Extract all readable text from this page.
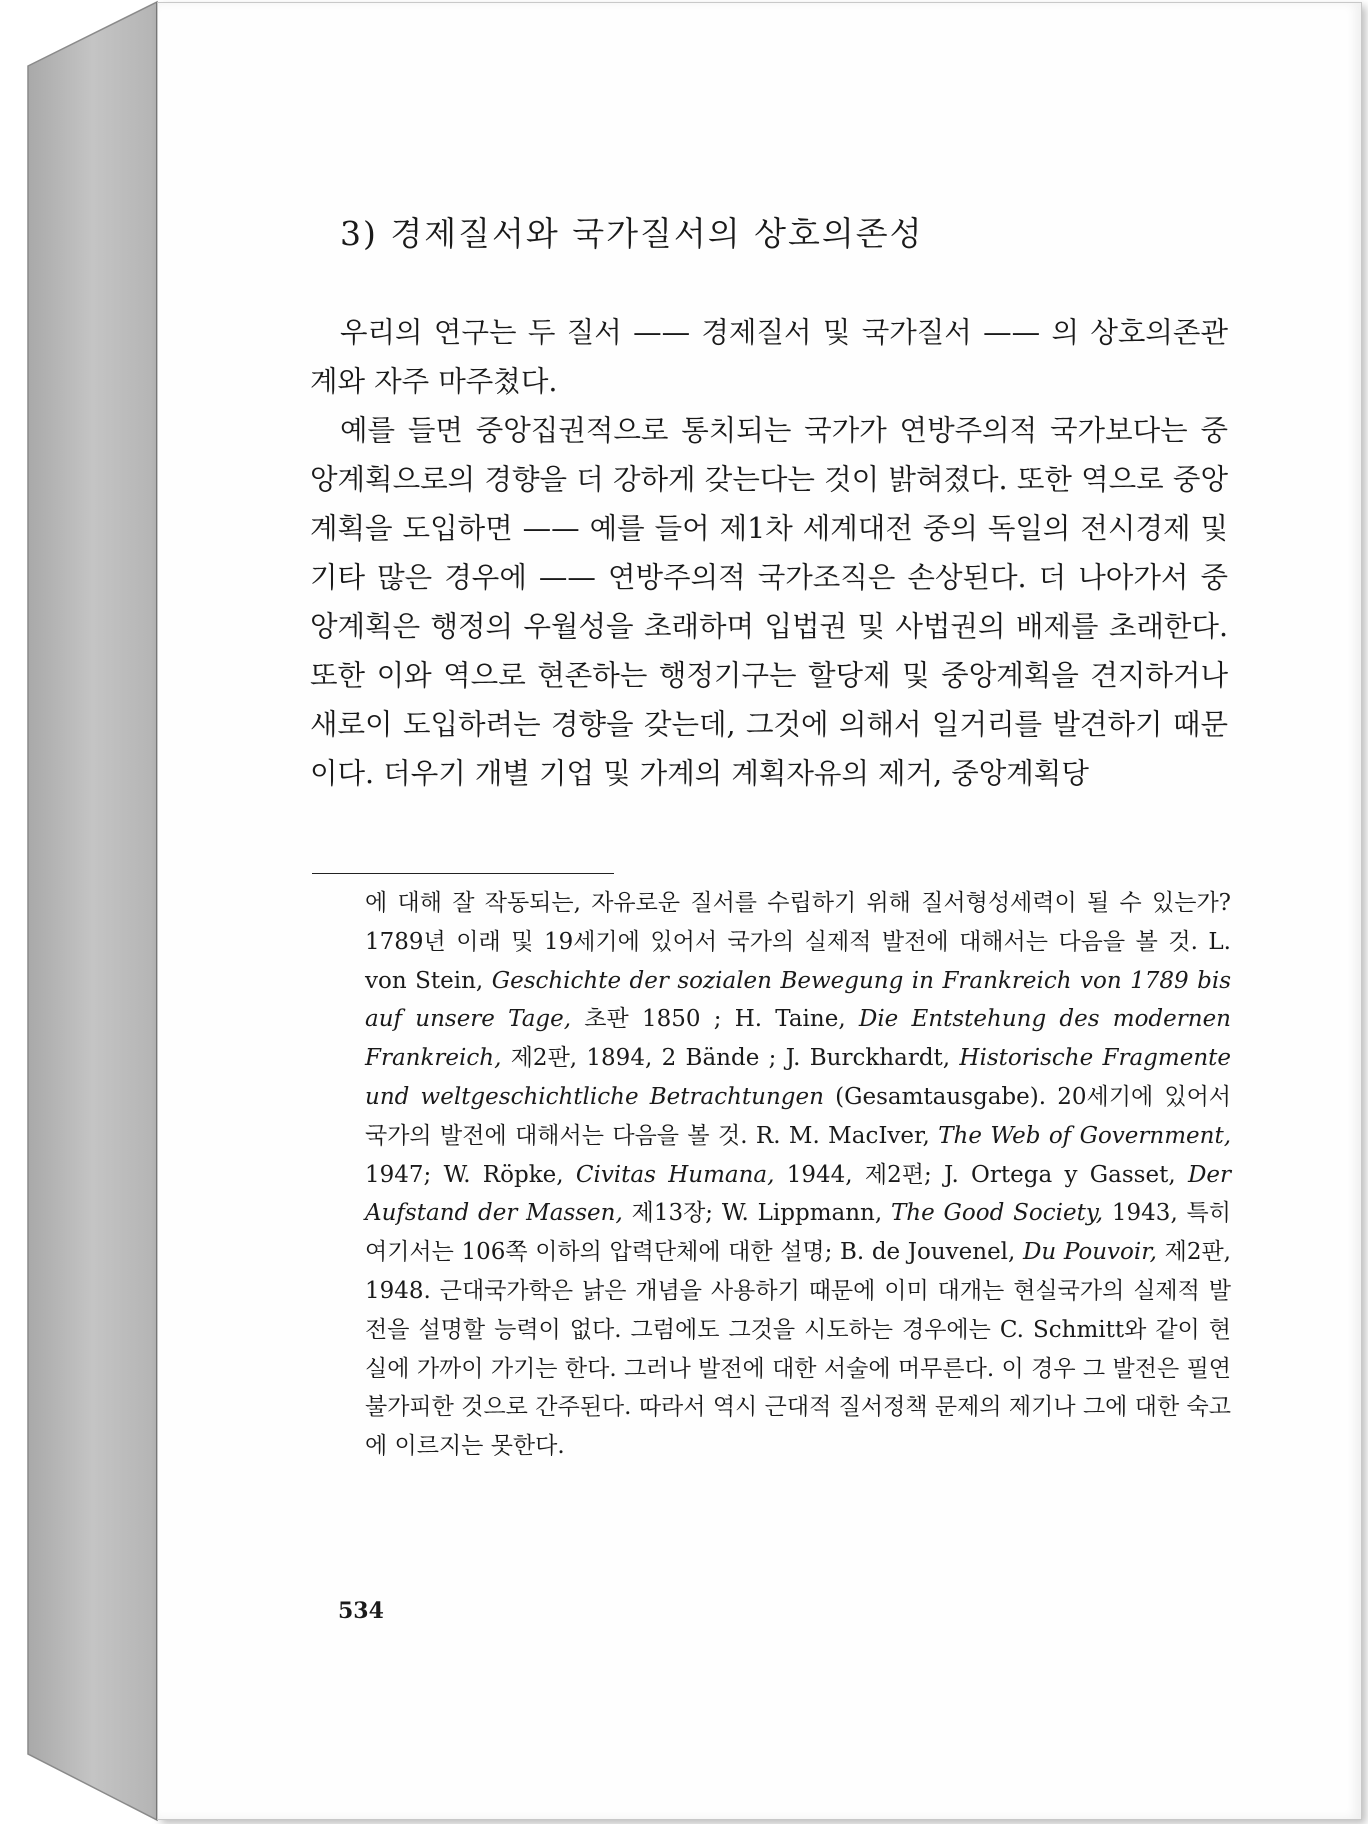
3) 경제질서와 국가질서의 상호의존성

우리의 연구는 두 질서 —— 경제질서 및 국가질서 —— 의 상호의존관계와 자주 마주쳤다.

예를 들면 중앙집권적으로 통치되는 국가가 연방주의적 국가보다는 중앙계획으로의 경향을 더 강하게 갖는다는 것이 밝혀졌다. 또한 역으로 중앙계획을 도입하면 —— 예를 들어 제1차 세계대전 중의 독일의 전시경제 및 기타 많은 경우에 —— 연방주의적 국가조직은 손상된다. 더 나아가서 중앙계획은 행정의 우월성을 초래하며 입법권 및 사법권의 배제를 초래한다. 또한 이와 역으로 현존하는 행정기구는 할당제 및 중앙계획을 견지하거나 새로이 도입하려는 경향을 갖는데, 그것에 의해서 일거리를 발견하기 때문이다. 더우기 개별 기업 및 가계의 계획자유의 제거, 중앙계획당

에 대해 잘 작동되는, 자유로운 질서를 수립하기 위해 질서형성세력이 될 수 있는가? 1789년 이래 및 19세기에 있어서 국가의 실제적 발전에 대해서는 다음을 볼 것. L. von Stein, Geschichte der sozialen Bewegung in Frankreich von 1789 bis auf unsere Tage, 초판 1850 ; H. Taine, Die Entstehung des modernen Frankreich, 제2판, 1894, 2 Bände ; J. Burckhardt, Historische Fragmente und weltgeschichtliche Betrachtungen (Gesamtausgabe). 20세기에 있어서 국가의 발전에 대해서는 다음을 볼 것. R. M. MacIver, The Web of Government, 1947; W. Röpke, Civitas Humana, 1944, 제2편; J. Ortega y Gasset, Der Aufstand der Massen, 제13장; W. Lippmann, The Good Society, 1943, 특히 여기서는 106쪽 이하의 압력단체에 대한 설명; B. de Jouvenel, Du Pouvoir, 제2판, 1948. 근대국가학은 낡은 개념을 사용하기 때문에 이미 대개는 현실국가의 실제적 발전을 설명할 능력이 없다. 그럼에도 그것을 시도하는 경우에는 C. Schmitt와 같이 현실에 가까이 가기는 한다. 그러나 발전에 대한 서술에 머무른다. 이 경우 그 발전은 필연불가피한 것으로 간주된다. 따라서 역시 근대적 질서정책 문제의 제기나 그에 대한 숙고에 이르지는 못한다.
534
